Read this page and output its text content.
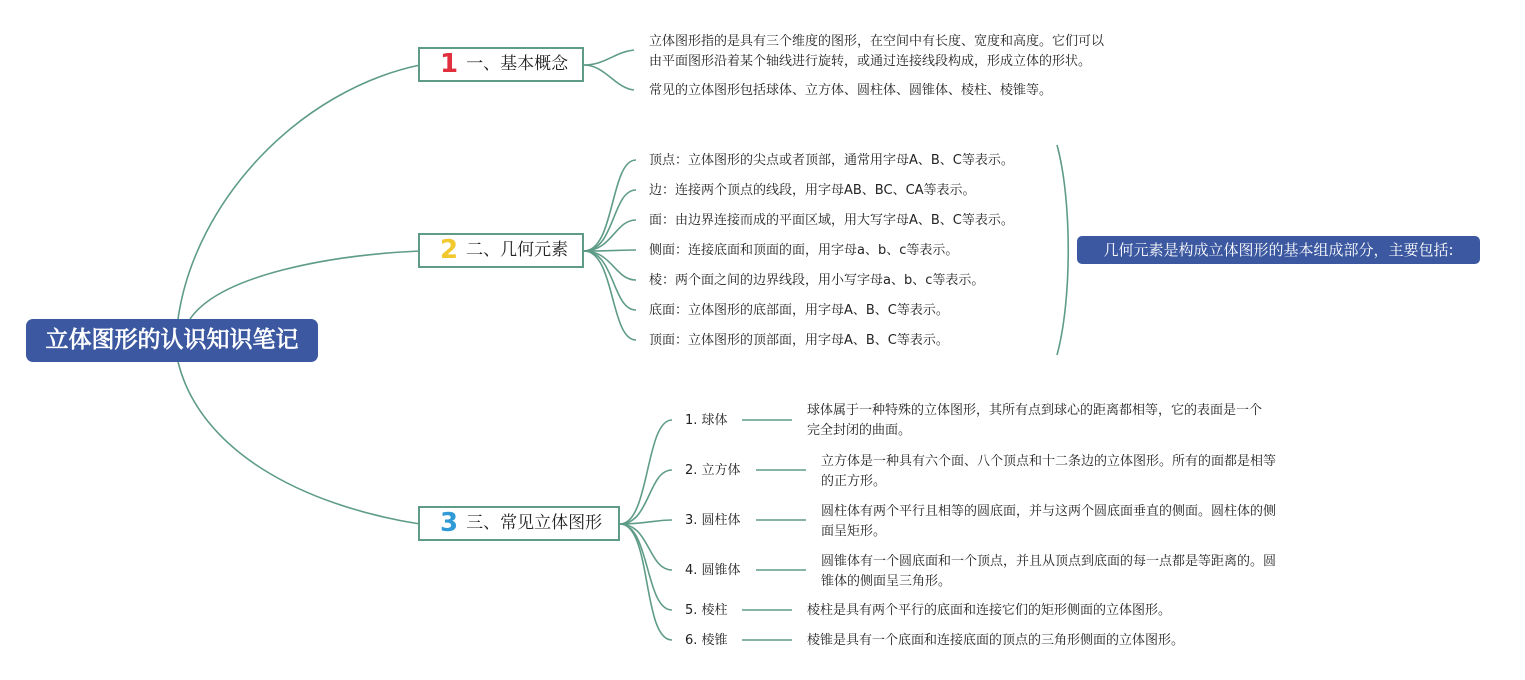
立体图形的认识知识笔记
1 一、基本概念
立体图形指的是具有三个维度的图形，在空间中有长度、宽度和高度。它们可以
由平面图形沿着某个轴线进行旋转，或通过连接线段构成，形成立体的形状。
常见的立体图形包括球体、立方体、圆柱体、圆锥体、棱柱、棱锥等。
2 二、几何元素
顶点：立体图形的尖点或者顶部，通常用字母A、B、C等表示。
边：连接两个顶点的线段，用字母AB、BC、CA等表示。
面：由边界连接而成的平面区域，用大写字母A、B、C等表示。
侧面：连接底面和顶面的面，用字母a、b、c等表示。
棱：两个面之间的边界线段，用小写字母a、b、c等表示。
底面：立体图形的底部面，用字母A、B、C等表示。
顶面：立体图形的顶部面，用字母A、B、C等表示。
几何元素是构成立体图形的基本组成部分，主要包括:
3 三、常见立体图形
1. 球体
球体属于一种特殊的立体图形，其所有点到球心的距离都相等，它的表面是一个
完全封闭的曲面。
2. 立方体
立方体是一种具有六个面、八个顶点和十二条边的立体图形。所有的面都是相等
的正方形。
3. 圆柱体
圆柱体有两个平行且相等的圆底面，并与这两个圆底面垂直的侧面。圆柱体的侧
面呈矩形。
4. 圆锥体
圆锥体有一个圆底面和一个顶点，并且从顶点到底面的每一点都是等距离的。圆
锥体的侧面呈三角形。
5. 棱柱	棱柱是具有两个平行的底面和连接它们的矩形侧面的立体图形。
6. 棱锥	棱锥是具有一个底面和连接底面的顶点的三角形侧面的立体图形。
